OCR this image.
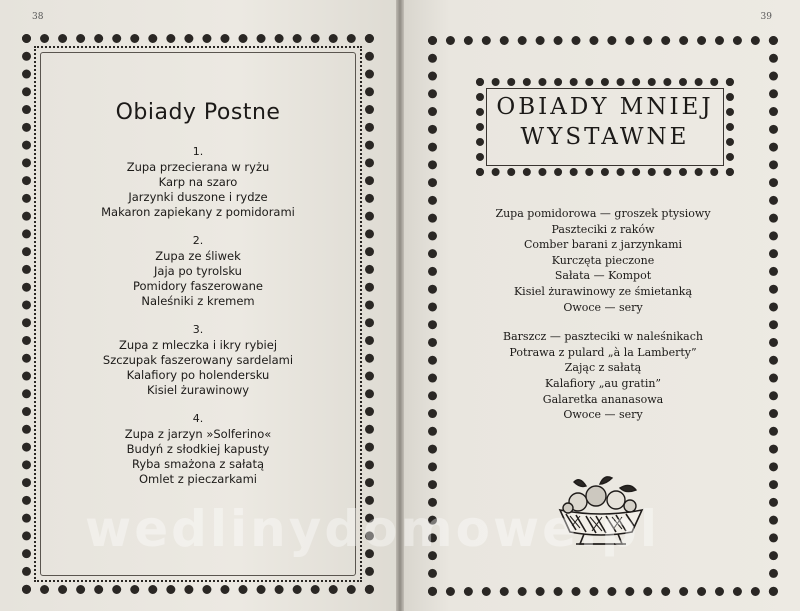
38	39
Obiady Postne
1.
Zupa przecierana w ryżu
Karp na szaro
Jarzynki duszone i rydze
Makaron zapiekany z pomidorami
2.
Zupa ze śliwek
Jaja po tyrolsku
Pomidory faszerowane
Naleśniki z kremem
3.
Zupa z mleczka i ikry rybiej
Szczupak faszerowany sardelami
Kalafiory po holendersku
Kisiel żurawinowy
4.
Zupa z jarzyn »Solferino«
Budyń z słodkiej kapusty
Ryba smażona z sałatą
Omlet z pieczarkami
OBIADY MNIEJ
WYSTAWNE
Zupa pomidorowa — groszek ptysiowy
Paszteciki z raków
Comber barani z jarzynkami
Kurczęta pieczone
Sałata — Kompot
Kisiel żurawinowy ze śmietanką
Owoce — sery
Barszcz — paszteciki w naleśnikach
Potrawa z pulard „à la Lamberty”
Zając z sałatą
Kalafiory „au gratin”
Galaretka ananasowa
Owoce — sery
wedlinydomowe.pl
